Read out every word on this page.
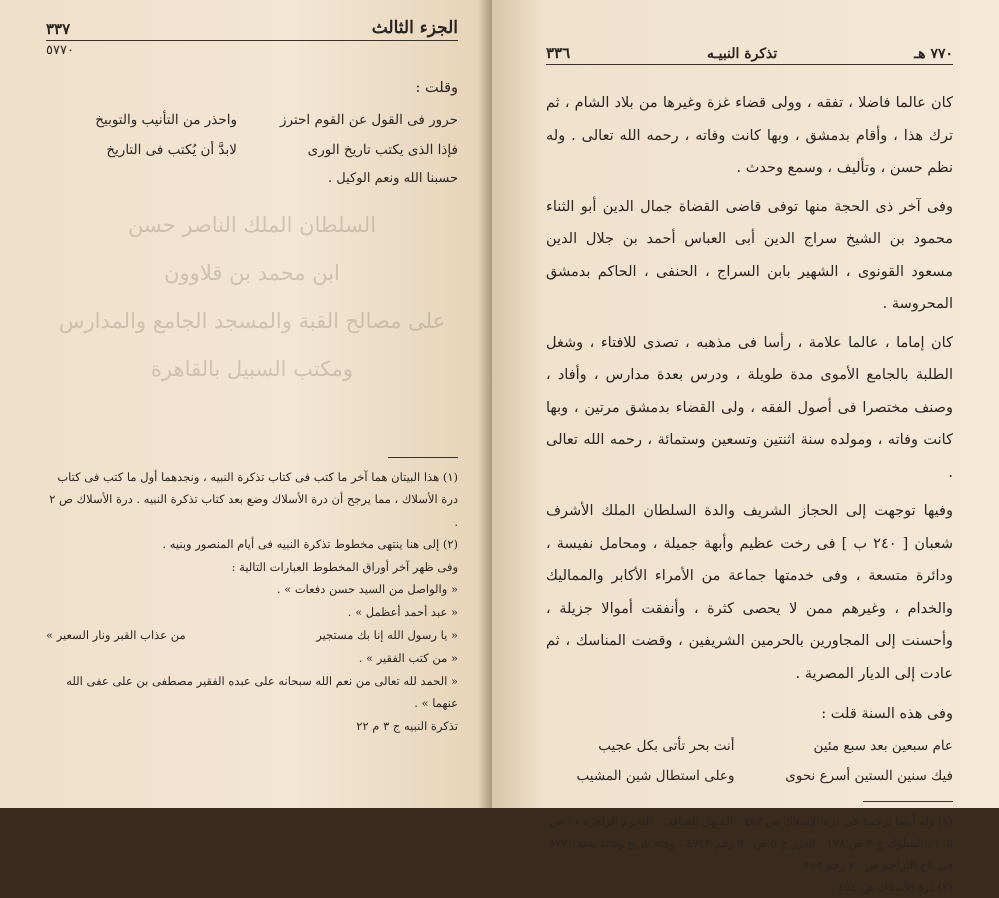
الجزء الثالث
٣٣٧
٥٧٧٠

وقلت :

حرور فى القول عن القوم احترز
واحذر من التأنيب والتوبيخ
فإذا الذى يكتب تاريخ الورى
لابدَّ أن يُكتب فى التاريخ

حسبنا الله ونعم الوكيل .

السلطان الملك الناصر حسن
ابن محمد بن قلاوون
على مصالح القبة والمسجد الجامع والمدارس
ومكتب السبيل بالقاهرة

(١) هذا البيتان هما آخر ما كتب فى كتاب تذكرة النبيه ، ونجدهما أول ما كتب فى كتاب درة الأسلاك ، مما يرجح أن درة الأسلاك وضع بعد كتاب تذكرة النبيه . درة الأسلاك ص ٢ .

(٢) إلى هنا ينتهى مخطوط تذكرة النبيه فى أيام المنصور وبنيه .

وفى ظهر آخر أوراق المخطوط العبارات التالية :

« والواصل من السيد حسن دفعات » .

« عبد أحمد أعظمل » .

« يا رسول الله إنا بك مستجير
من عذاب القبر ونار السعير »

« من كتب الفقير » .

« الحمد لله تعالى من نعم الله سبحانه على عبده الفقير مصطفى بن على عفى الله عنهما » .

تذكرة النبيه ج ٣ م ٢٢

٧٧٠ هـ
تذكرة النبيـه
٣٣٦

كان عالما فاضلا ، تفقه ، وولى قضاء غزة وغيرها من بلاد الشام ، ثم ترك هذا ، وأقام بدمشق ، وبها كانت وفاته ، رحمه الله تعالى . وله نظم حسن ، وتأليف ، وسمع وحدث .

وفى آخر ذى الحجة منها توفى قاضى القضاة جمال الدين أبو الثناء محمود بن الشيخ سراج الدين أبى العباس أحمد بن جلال الدين مسعود القونوى ، الشهير بابن السراج ، الحنفى ، الحاكم بدمشق المحروسة .

كان إماما ، عالما علامة ، رأسا فى مذهبه ، تصدى للافتاء ، وشغل الطلبة بالجامع الأموى مدة طويلة ، ودرس بعدة مدارس ، وأفاد ، وصنف مختصرا فى أصول الفقه ، ولى القضاء بدمشق مرتين ، وبها كانت وفاته ، ومولده سنة اثنتين وتسعين وستمائة ، رحمه الله تعالى .

وفيها توجهت إلى الحجاز الشريف والدة السلطان الملك الأشرف شعبان [ ٢٤٠ ب ] فى رخت عظيم وأبهة جميلة ، ومحامل نفيسة ، ودائرة متسعة ، وفى خدمتها جماعة من الأمراء الأكابر والمماليك والخدام ، وغيرهم ممن لا يحصى كثرة ، وأنفقت أموالا جزيلة ، وأحسنت إلى المجاورين بالحرمين الشريفين ، وقضت المناسك ، ثم عادت إلى الديار المصرية .

وفى هذه السنة قلت :

عام سبعين بعد سبع مئين
أنت بحر تأتى بكل عجيب
فيك سنين الستين أسرع نحوى
وعلى استطال شين المشيب

(١) وله أيضا ترجمة فى درة الأسلاك ص ٤٥٣ ، المنهل الصافى ، النجوم الزاهرة ١١ ص ١٠٥ ، السلوك ج ٣ ص ١٧٨ ، الدرر ج ٥ ص ٩٠ رقم ٤٧٤٣ ، وجاء تاريخ وفاته سنة ٥٧٧١ فى تاج التراجم ص ٧٠ رقم ٢١٣ .

(٢) درة الأسلاك ص ٤٥٤ .
